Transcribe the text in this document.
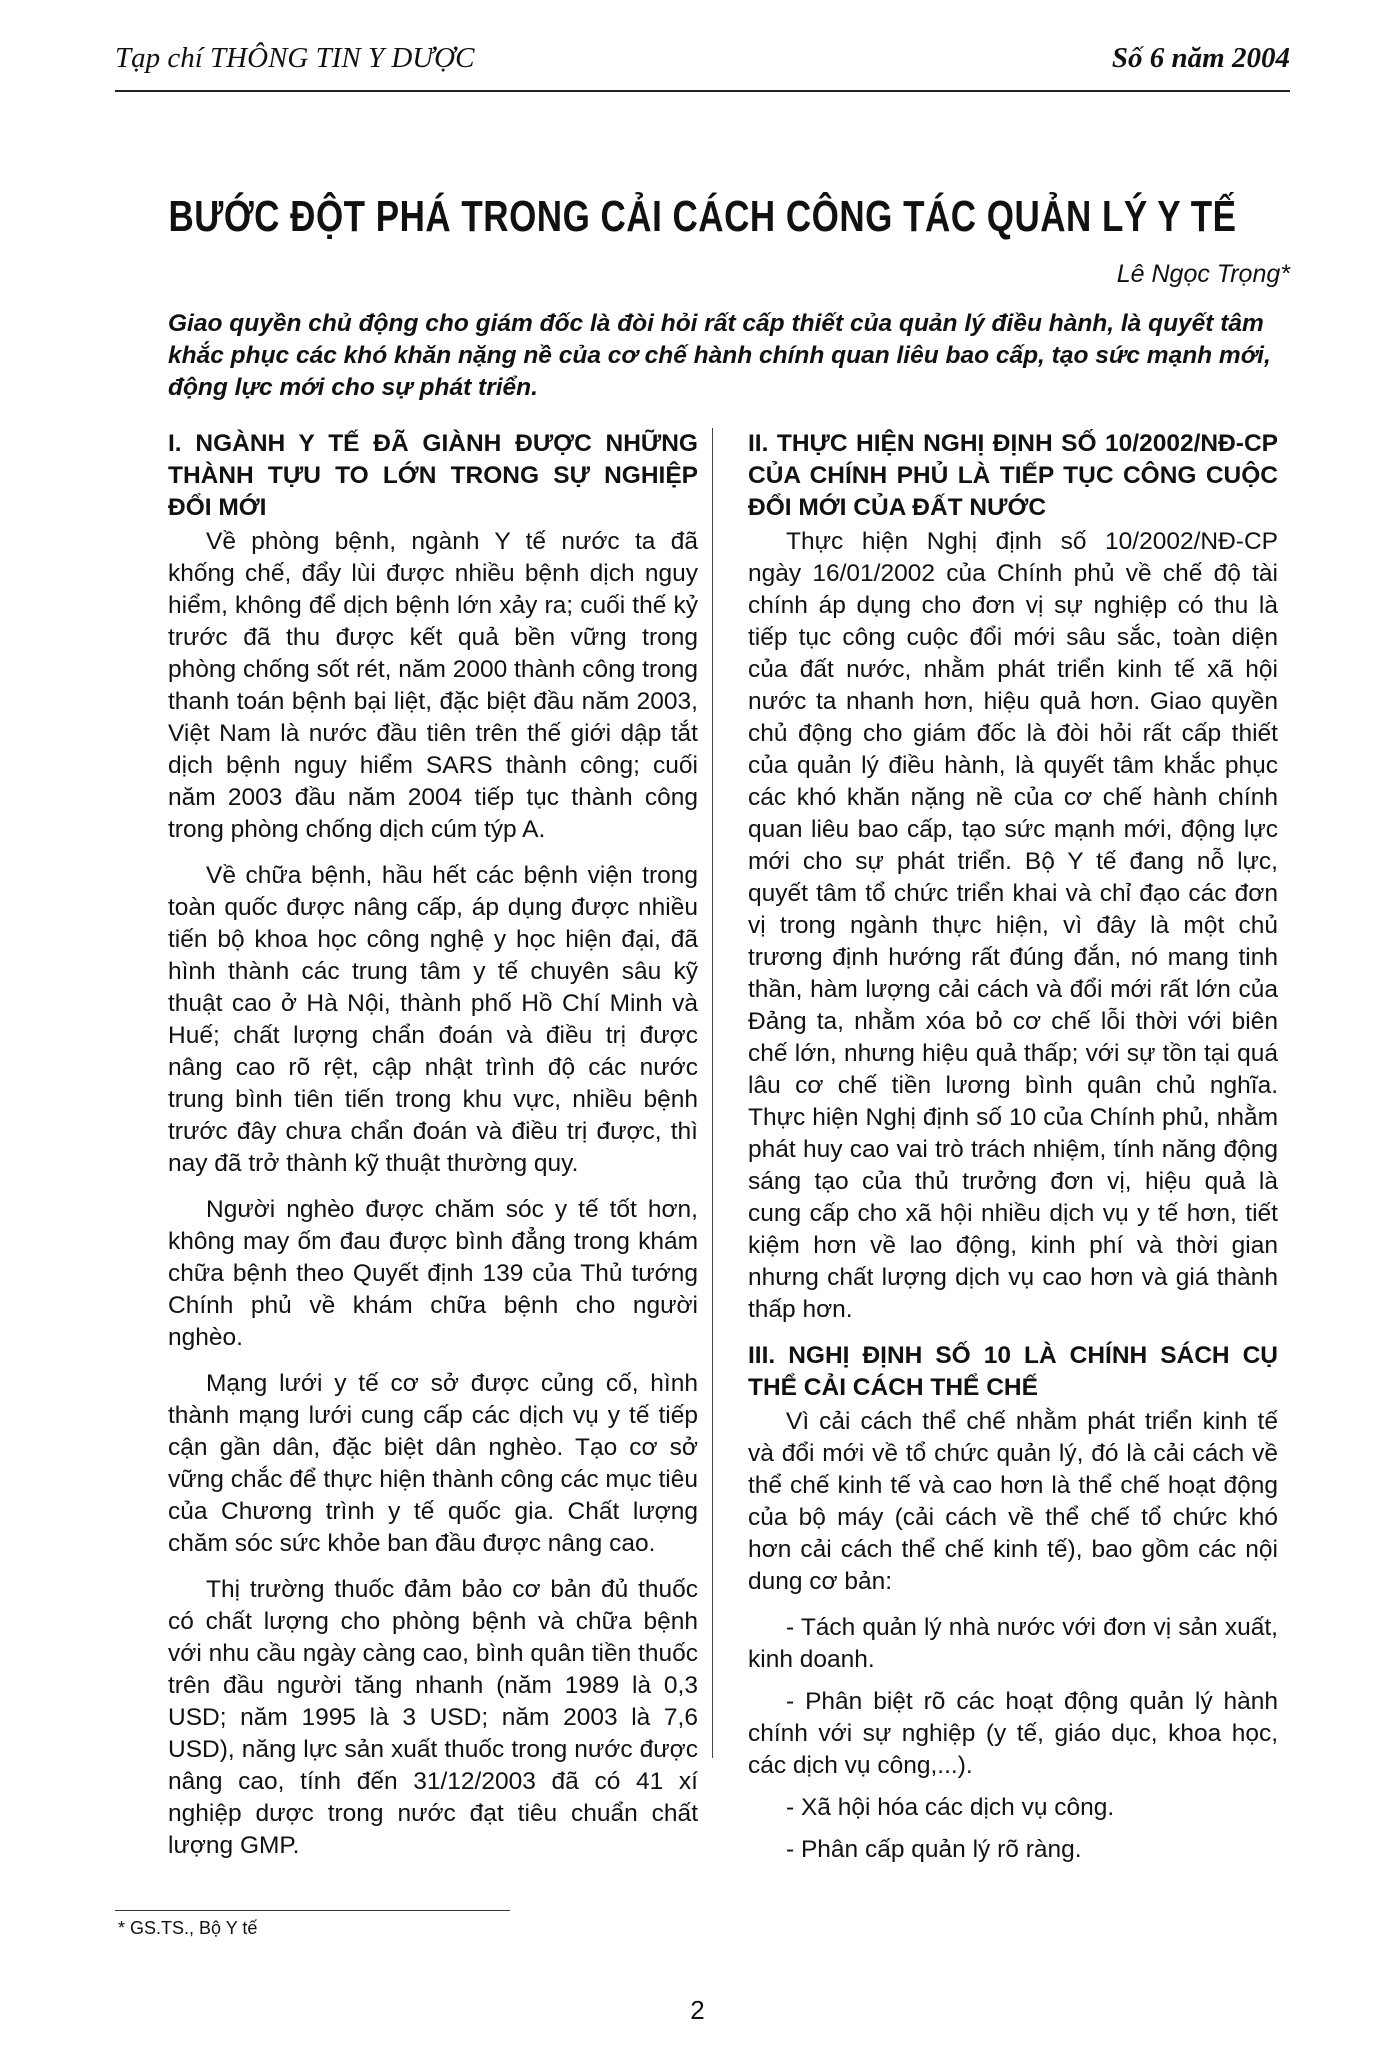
Tạp chí THÔNG TIN Y DƯỢC	Số 6 năm 2004
BƯỚC ĐỘT PHÁ TRONG CẢI CÁCH CÔNG TÁC QUẢN LÝ Y TẾ
Lê Ngọc Trọng*
Giao quyền chủ động cho giám đốc là đòi hỏi rất cấp thiết của quản lý điều hành, là quyết tâm khắc phục các khó khăn nặng nề của cơ chế hành chính quan liêu bao cấp, tạo sức mạnh mới, động lực mới cho sự phát triển.
I. NGÀNH Y TẾ ĐÃ GIÀNH ĐƯỢC NHỮNG THÀNH TỰU TO LỚN TRONG SỰ NGHIỆP ĐỔI MỚI

Về phòng bệnh, ngành Y tế nước ta đã khống chế, đẩy lùi được nhiều bệnh dịch nguy hiểm, không để dịch bệnh lớn xảy ra; cuối thế kỷ trước đã thu được kết quả bền vững trong phòng chống sốt rét, năm 2000 thành công trong thanh toán bệnh bại liệt, đặc biệt đầu năm 2003, Việt Nam là nước đầu tiên trên thế giới dập tắt dịch bệnh nguy hiểm SARS thành công; cuối năm 2003 đầu năm 2004 tiếp tục thành công trong phòng chống dịch cúm týp A.

Về chữa bệnh, hầu hết các bệnh viện trong toàn quốc được nâng cấp, áp dụng được nhiều tiến bộ khoa học công nghệ y học hiện đại, đã hình thành các trung tâm y tế chuyên sâu kỹ thuật cao ở Hà Nội, thành phố Hồ Chí Minh và Huế; chất lượng chẩn đoán và điều trị được nâng cao rõ rệt, cập nhật trình độ các nước trung bình tiên tiến trong khu vực, nhiều bệnh trước đây chưa chẩn đoán và điều trị được, thì nay đã trở thành kỹ thuật thường quy.

Người nghèo được chăm sóc y tế tốt hơn, không may ốm đau được bình đẳng trong khám chữa bệnh theo Quyết định 139 của Thủ tướng Chính phủ về khám chữa bệnh cho người nghèo.

Mạng lưới y tế cơ sở được củng cố, hình thành mạng lưới cung cấp các dịch vụ y tế tiếp cận gần dân, đặc biệt dân nghèo. Tạo cơ sở vững chắc để thực hiện thành công các mục tiêu của Chương trình y tế quốc gia. Chất lượng chăm sóc sức khỏe ban đầu được nâng cao.

Thị trường thuốc đảm bảo cơ bản đủ thuốc có chất lượng cho phòng bệnh và chữa bệnh với nhu cầu ngày càng cao, bình quân tiền thuốc trên đầu người tăng nhanh (năm 1989 là 0,3 USD; năm 1995 là 3 USD; năm 2003 là 7,6 USD), năng lực sản xuất thuốc trong nước được nâng cao, tính đến 31/12/2003 đã có 41 xí nghiệp dược trong nước đạt tiêu chuẩn chất lượng GMP.

II. THỰC HIỆN NGHỊ ĐỊNH SỐ 10/2002/NĐ-CP CỦA CHÍNH PHỦ LÀ TIẾP TỤC CÔNG CUỘC ĐỔI MỚI CỦA ĐẤT NƯỚC

Thực hiện Nghị định số 10/2002/NĐ-CP ngày 16/01/2002 của Chính phủ về chế độ tài chính áp dụng cho đơn vị sự nghiệp có thu là tiếp tục công cuộc đổi mới sâu sắc, toàn diện của đất nước, nhằm phát triển kinh tế xã hội nước ta nhanh hơn, hiệu quả hơn. Giao quyền chủ động cho giám đốc là đòi hỏi rất cấp thiết của quản lý điều hành, là quyết tâm khắc phục các khó khăn nặng nề của cơ chế hành chính quan liêu bao cấp, tạo sức mạnh mới, động lực mới cho sự phát triển. Bộ Y tế đang nỗ lực, quyết tâm tổ chức triển khai và chỉ đạo các đơn vị trong ngành thực hiện, vì đây là một chủ trương định hướng rất đúng đắn, nó mang tinh thần, hàm lượng cải cách và đổi mới rất lớn của Đảng ta, nhằm xóa bỏ cơ chế lỗi thời với biên chế lớn, nhưng hiệu quả thấp; với sự tồn tại quá lâu cơ chế tiền lương bình quân chủ nghĩa. Thực hiện Nghị định số 10 của Chính phủ, nhằm phát huy cao vai trò trách nhiệm, tính năng động sáng tạo của thủ trưởng đơn vị, hiệu quả là cung cấp cho xã hội nhiều dịch vụ y tế hơn, tiết kiệm hơn về lao động, kinh phí và thời gian nhưng chất lượng dịch vụ cao hơn và giá thành thấp hơn.

III. NGHỊ ĐỊNH SỐ 10 LÀ CHÍNH SÁCH CỤ THỂ CẢI CÁCH THỂ CHẾ

Vì cải cách thể chế nhằm phát triển kinh tế và đổi mới về tổ chức quản lý, đó là cải cách về thể chế kinh tế và cao hơn là thể chế hoạt động của bộ máy (cải cách về thể chế tổ chức khó hơn cải cách thể chế kinh tế), bao gồm các nội dung cơ bản:

- Tách quản lý nhà nước với đơn vị sản xuất, kinh doanh.
- Phân biệt rõ các hoạt động quản lý hành chính với sự nghiệp (y tế, giáo dục, khoa học, các dịch vụ công,...).
- Xã hội hóa các dịch vụ công.
- Phân cấp quản lý rõ ràng.
* GS.TS., Bộ Y tế
2
